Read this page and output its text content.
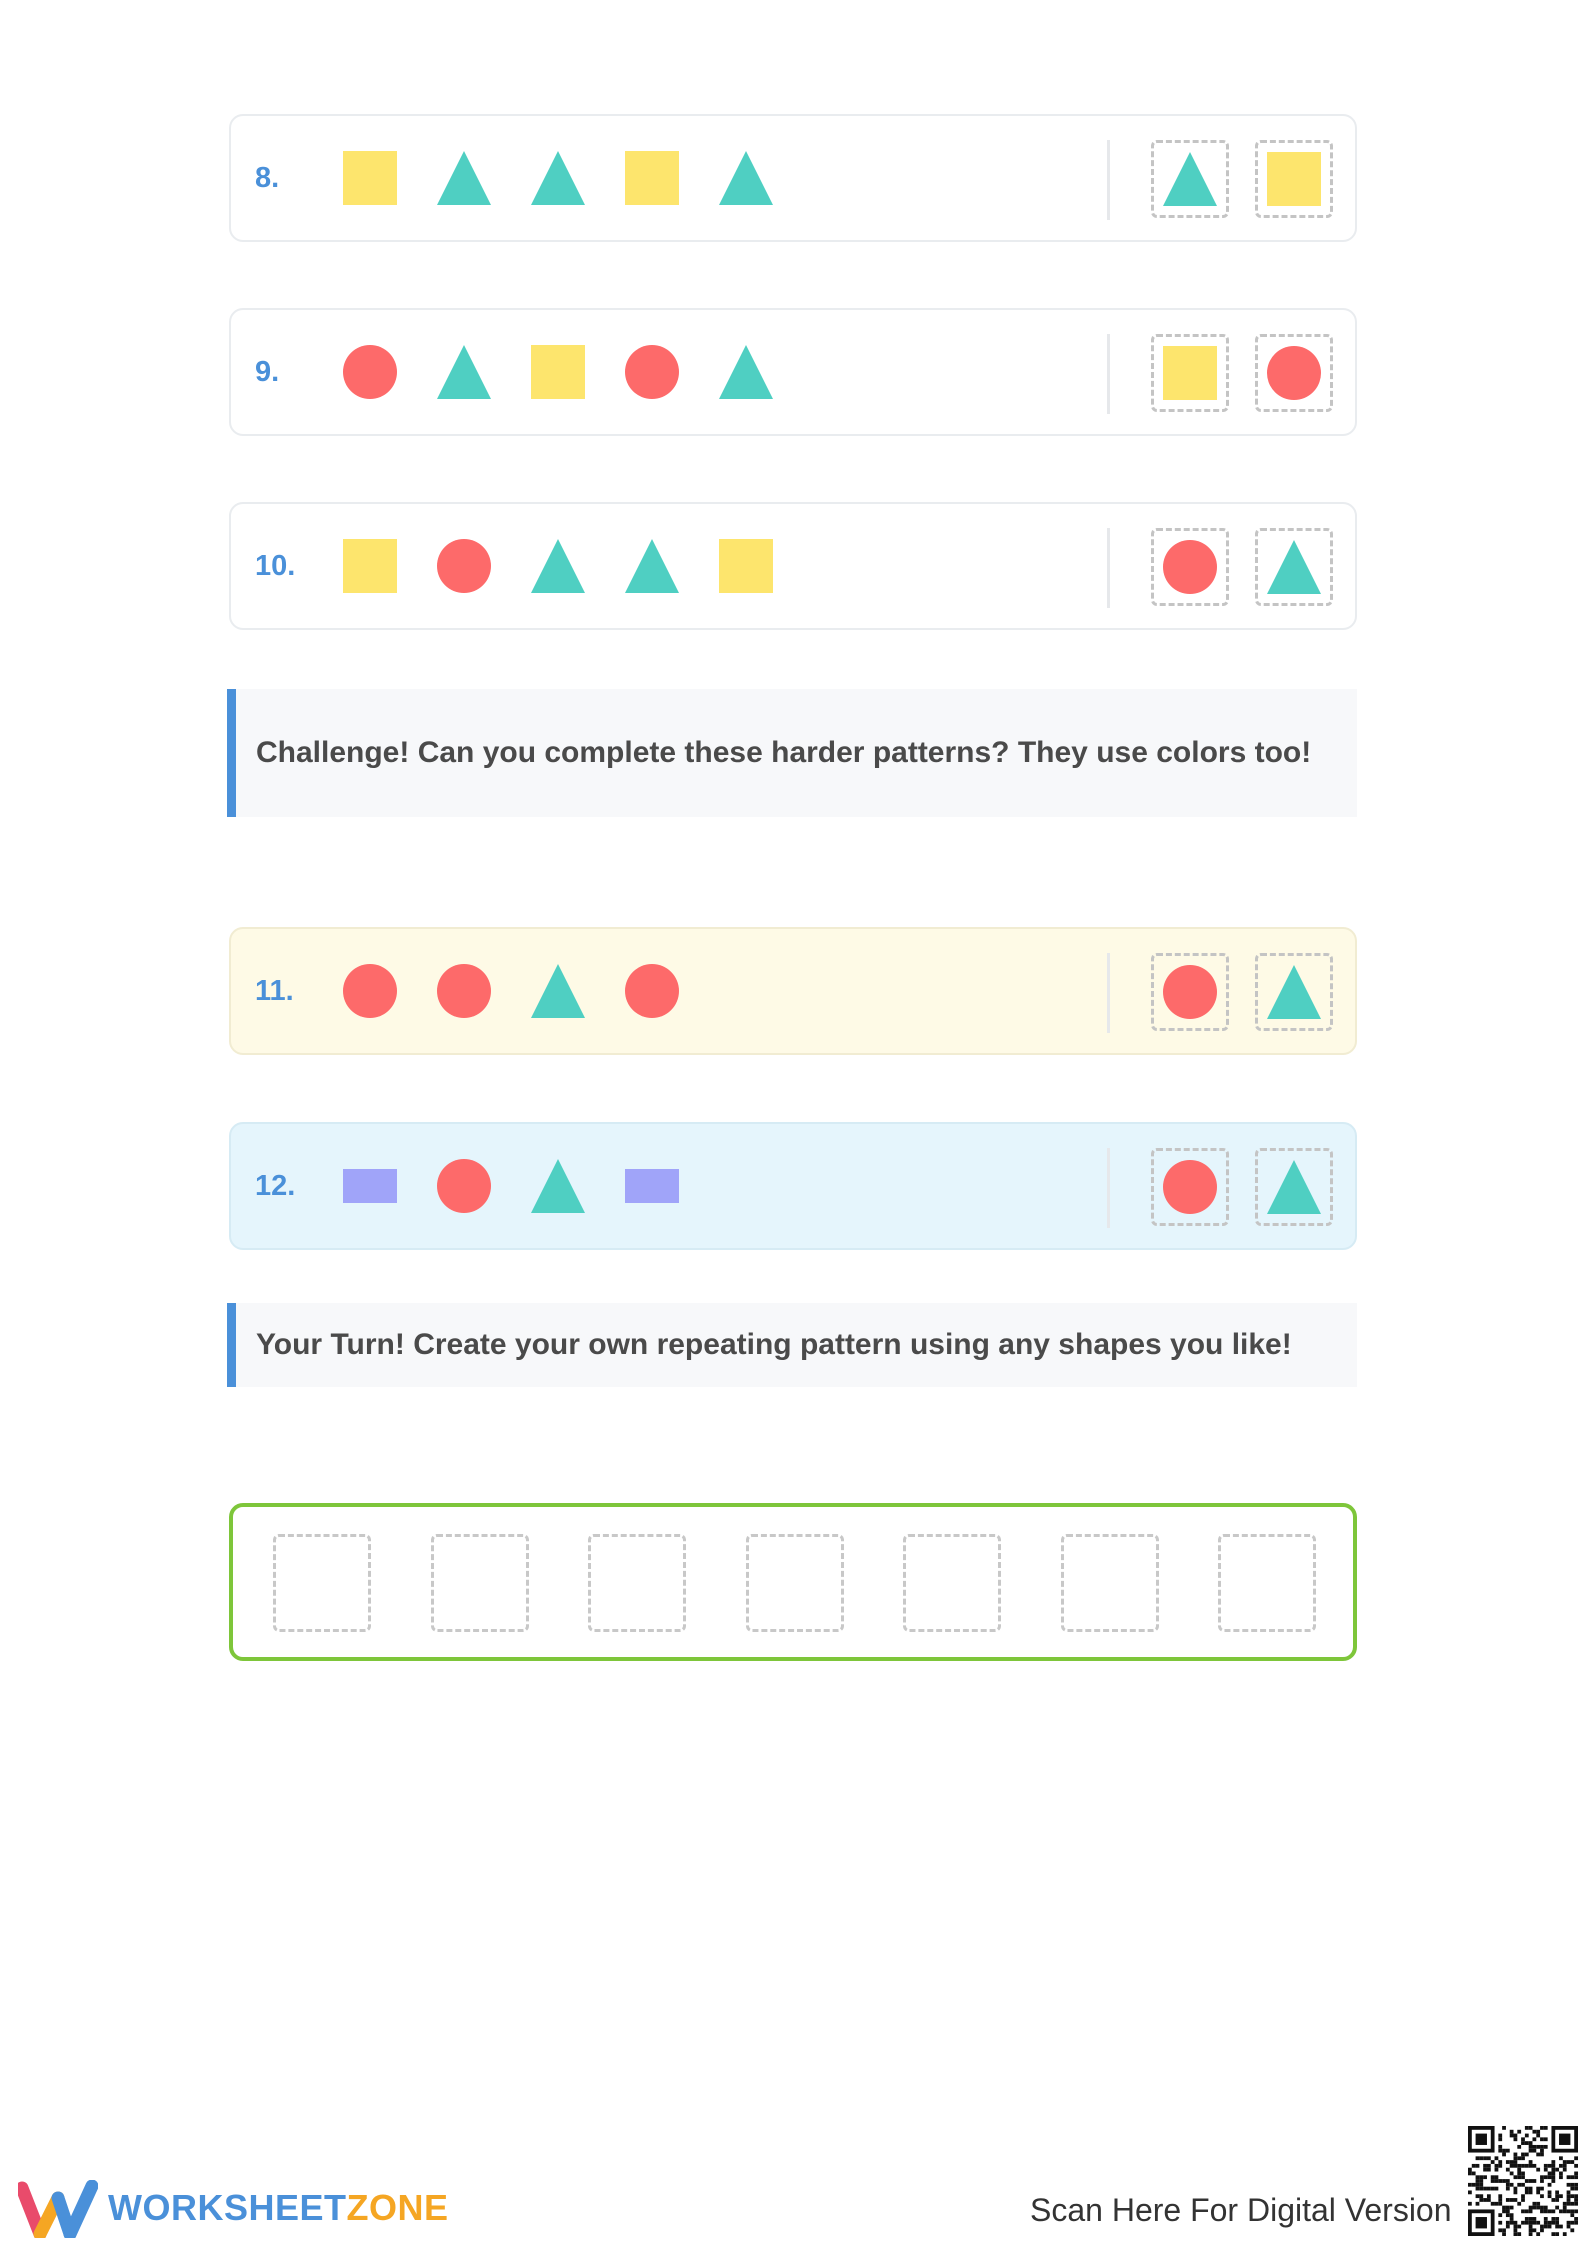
8.
9.
10.
11.
12.
Challenge! Can you complete these harder patterns? They use colors too!
Your Turn! Create your own repeating pattern using any shapes you like!
WORKSHEETZONE	Scan Here For Digital Version
